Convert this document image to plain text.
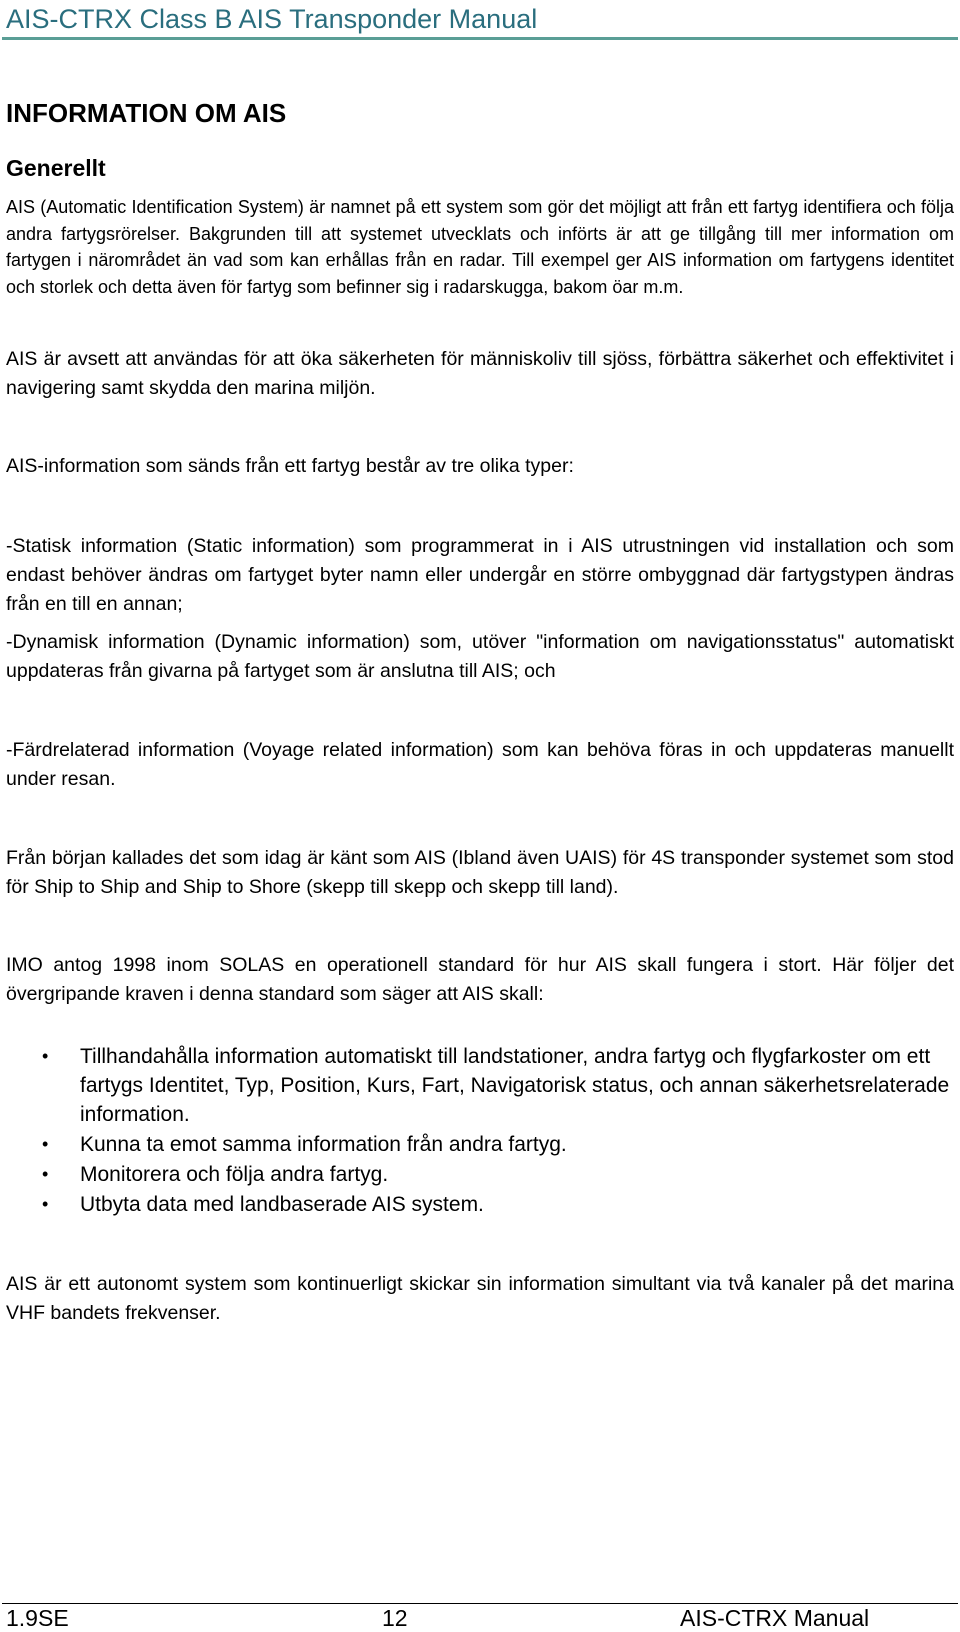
AIS-CTRX Class B AIS Transponder Manual
INFORMATION OM AIS
Generellt

AIS (Automatic Identification System) är namnet på ett system som gör det möjligt att från ett fartyg identifiera och följa andra fartygsrörelser. Bakgrunden till att systemet utvecklats och införts är att ge tillgång till mer information om fartygen i närområdet än vad som kan erhållas från en radar. Till exempel ger AIS information om fartygens identitet och storlek och detta även för fartyg som befinner sig i radarskugga, bakom öar m.m.

AIS är avsett att användas för att öka säkerheten för människoliv till sjöss, förbättra säkerhet och effektivitet i navigering samt skydda den marina miljön.

AIS-information som sänds från ett fartyg består av tre olika typer:

-Statisk information (Static information) som programmerat in i AIS utrustningen vid installation och som endast behöver ändras om fartyget byter namn eller undergår en större ombyggnad där fartygstypen ändras från en till en annan;

-Dynamisk information (Dynamic information) som, utöver "information om navigationsstatus" automatiskt uppdateras från givarna på fartyget som är anslutna till AIS; och

-Färdrelaterad information (Voyage related information) som kan behöva föras in och uppdateras manuellt under resan.

Från början kallades det som idag är känt som AIS (Ibland även UAIS) för 4S transponder systemet som stod för Ship to Ship and Ship to Shore (skepp till skepp och skepp till land).

IMO antog 1998 inom SOLAS en operationell standard för hur AIS skall fungera i stort. Här följer det övergripande kraven i denna standard som säger att AIS skall:

• Tillhandahålla information automatiskt till landstationer, andra fartyg och flygfarkoster om ett fartygs Identitet, Typ, Position, Kurs, Fart, Navigatorisk status, och annan säkerhetsrelaterade information.
• Kunna ta emot samma information från andra fartyg.
• Monitorera och följa andra fartyg.
• Utbyta data med landbaserade AIS system.

AIS är ett autonomt system som kontinuerligt skickar sin information simultant via två kanaler på det marina VHF bandets frekvenser.

1.9SE	12	AIS-CTRX Manual
